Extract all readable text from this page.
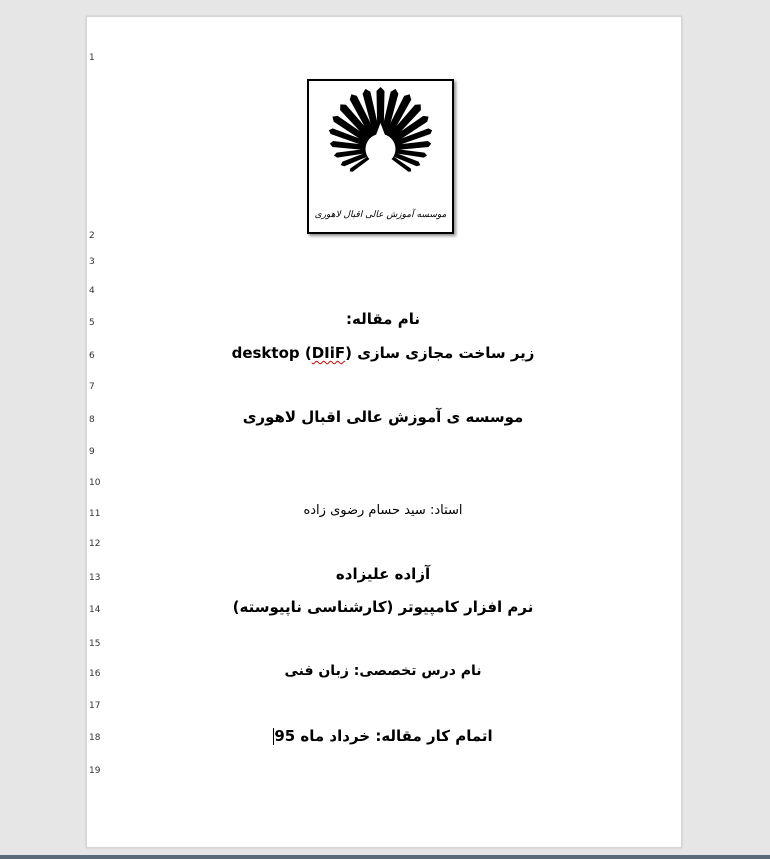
1
2
3
4
5
6
7
8
9
10
11
12
13
14
15
16
17
18
19
موسسه آموزش عالی اقبال لاهوری
نام مقاله:
زیر ساخت مجازی سازی desktop (DIiF)
موسسه ی آموزش عالی اقبال لاهوری
استاد: سید حسام رضوی زاده
آزاده علیزاده
نرم افزار کامپیوتر (کارشناسی ناپیوسته)
نام درس تخصصی: زبان فنی
اتمام کار مقاله: خرداد ماه 95
